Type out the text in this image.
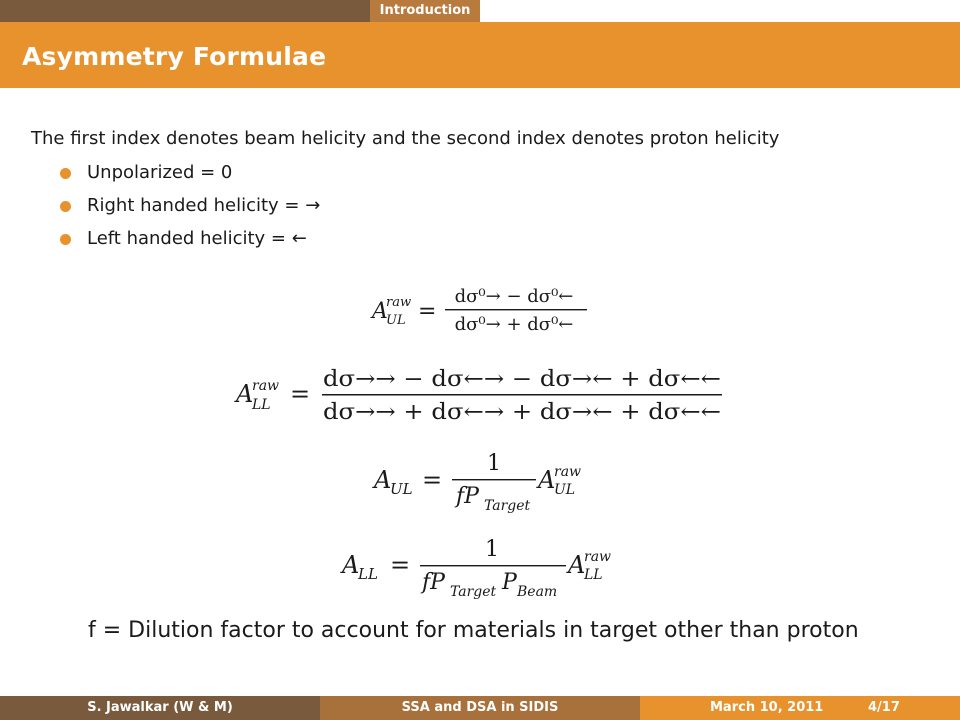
Introduction
Asymmetry Formulae
The first index denotes beam helicity and the second index denotes proton helicity
Unpolarized = 0
Right handed helicity = →
Left handed helicity = ←
A
raw
UL =
dσ⁰→ − dσ⁰←
dσ⁰→ + dσ⁰←
A
raw
LL =
dσ→→ − dσ←→ − dσ→← + dσ←←
dσ→→ + dσ←→ + dσ→← + dσ←←
A
UL =
1
fP Target
A
raw
UL
A
LL =
1
fP Target P Beam
A
raw
LL
f = Dilution factor to account for materials in target other than proton
S. Jawalkar (W & M)	SSA and DSA in SIDIS	March 10, 2011	4/17
